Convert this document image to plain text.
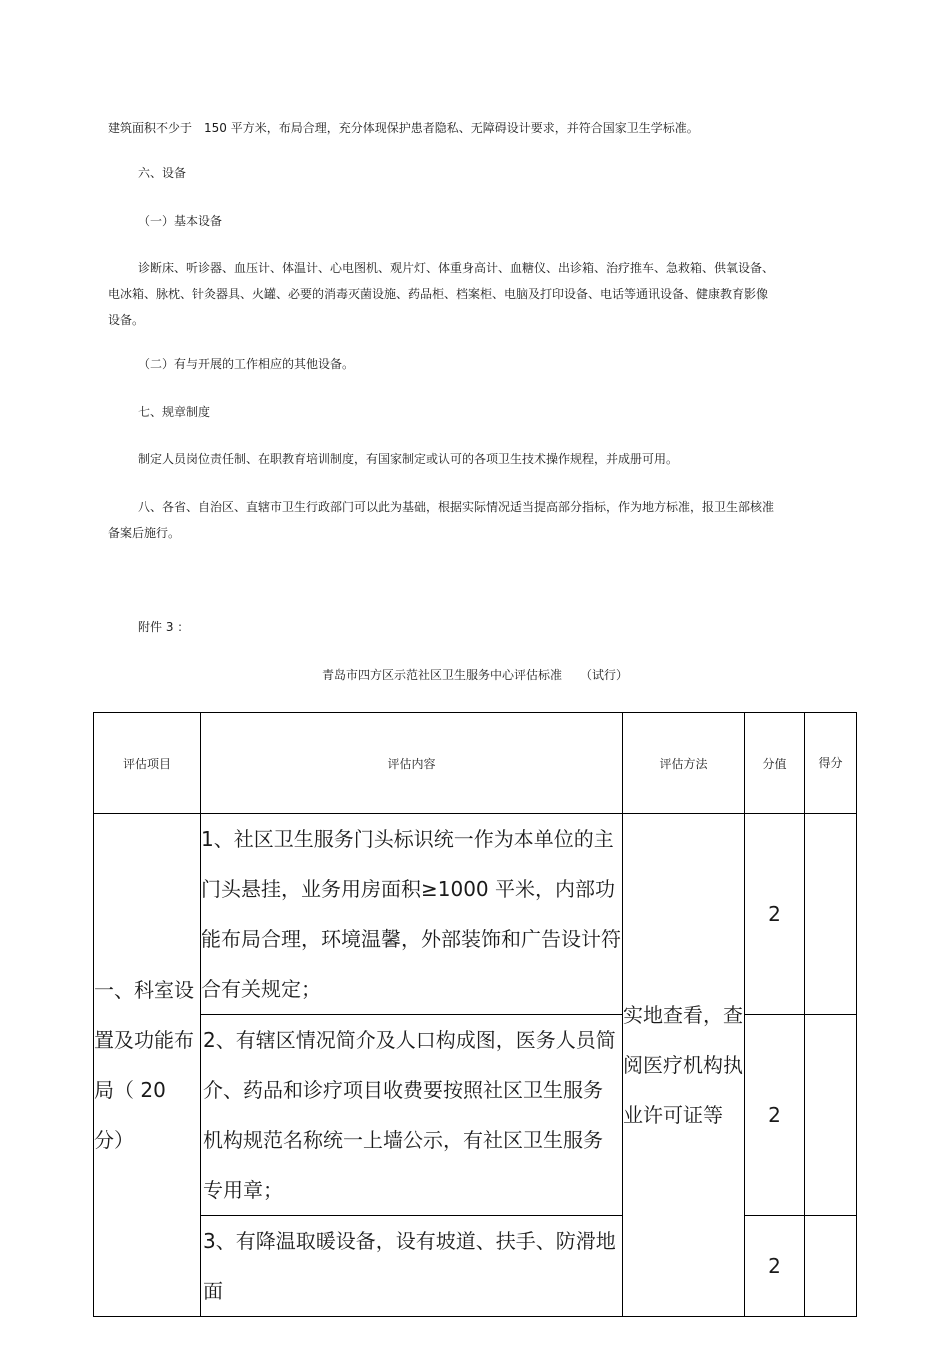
建筑面积不少于　150 平方米，布局合理，充分体现保护患者隐私、无障碍设计要求，并符合国家卫生学标准。

六、设备
（一）基本设备

诊断床、听诊器、血压计、体温计、心电图机、观片灯、体重身高计、血糖仪、出诊箱、治疗推车、急救箱、供氧设备、电冰箱、脉枕、针灸器具、火罐、必要的消毒灭菌设施、药品柜、档案柜、电脑及打印设备、电话等通讯设备、健康教育影像设备。

（二）有与开展的工作相应的其他设备。
七、规章制度

制定人员岗位责任制、在职教育培训制度，有国家制定或认可的各项卫生技术操作规程，并成册可用。

八、各省、自治区、直辖市卫生行政部门可以此为基础，根据实际情况适当提高部分指标，作为地方标准，报卫生部核准备案后施行。

附件 3 ：
青岛市四方区示范社区卫生服务中心评估标准　　（试行）
评估项目	评估内容	评估方法	分值	得分
一、科室设置及功能布局（ 20 分）	1、社区卫生服务门头标识统一作为本单位的主门头悬挂，业务用房面积≥1000 平米，内部功能布局合理，环境温馨，外部装饰和广告设计符合有关规定；	实地查看，查阅医疗机构执业许可证等	2	
	2、有辖区情况简介及人口构成图，医务人员简介、药品和诊疗项目收费要按照社区卫生服务机构规范名称统一上墙公示，有社区卫生服务专用章；		2	
	3、有降温取暖设备，设有坡道、扶手、防滑地面		2	
